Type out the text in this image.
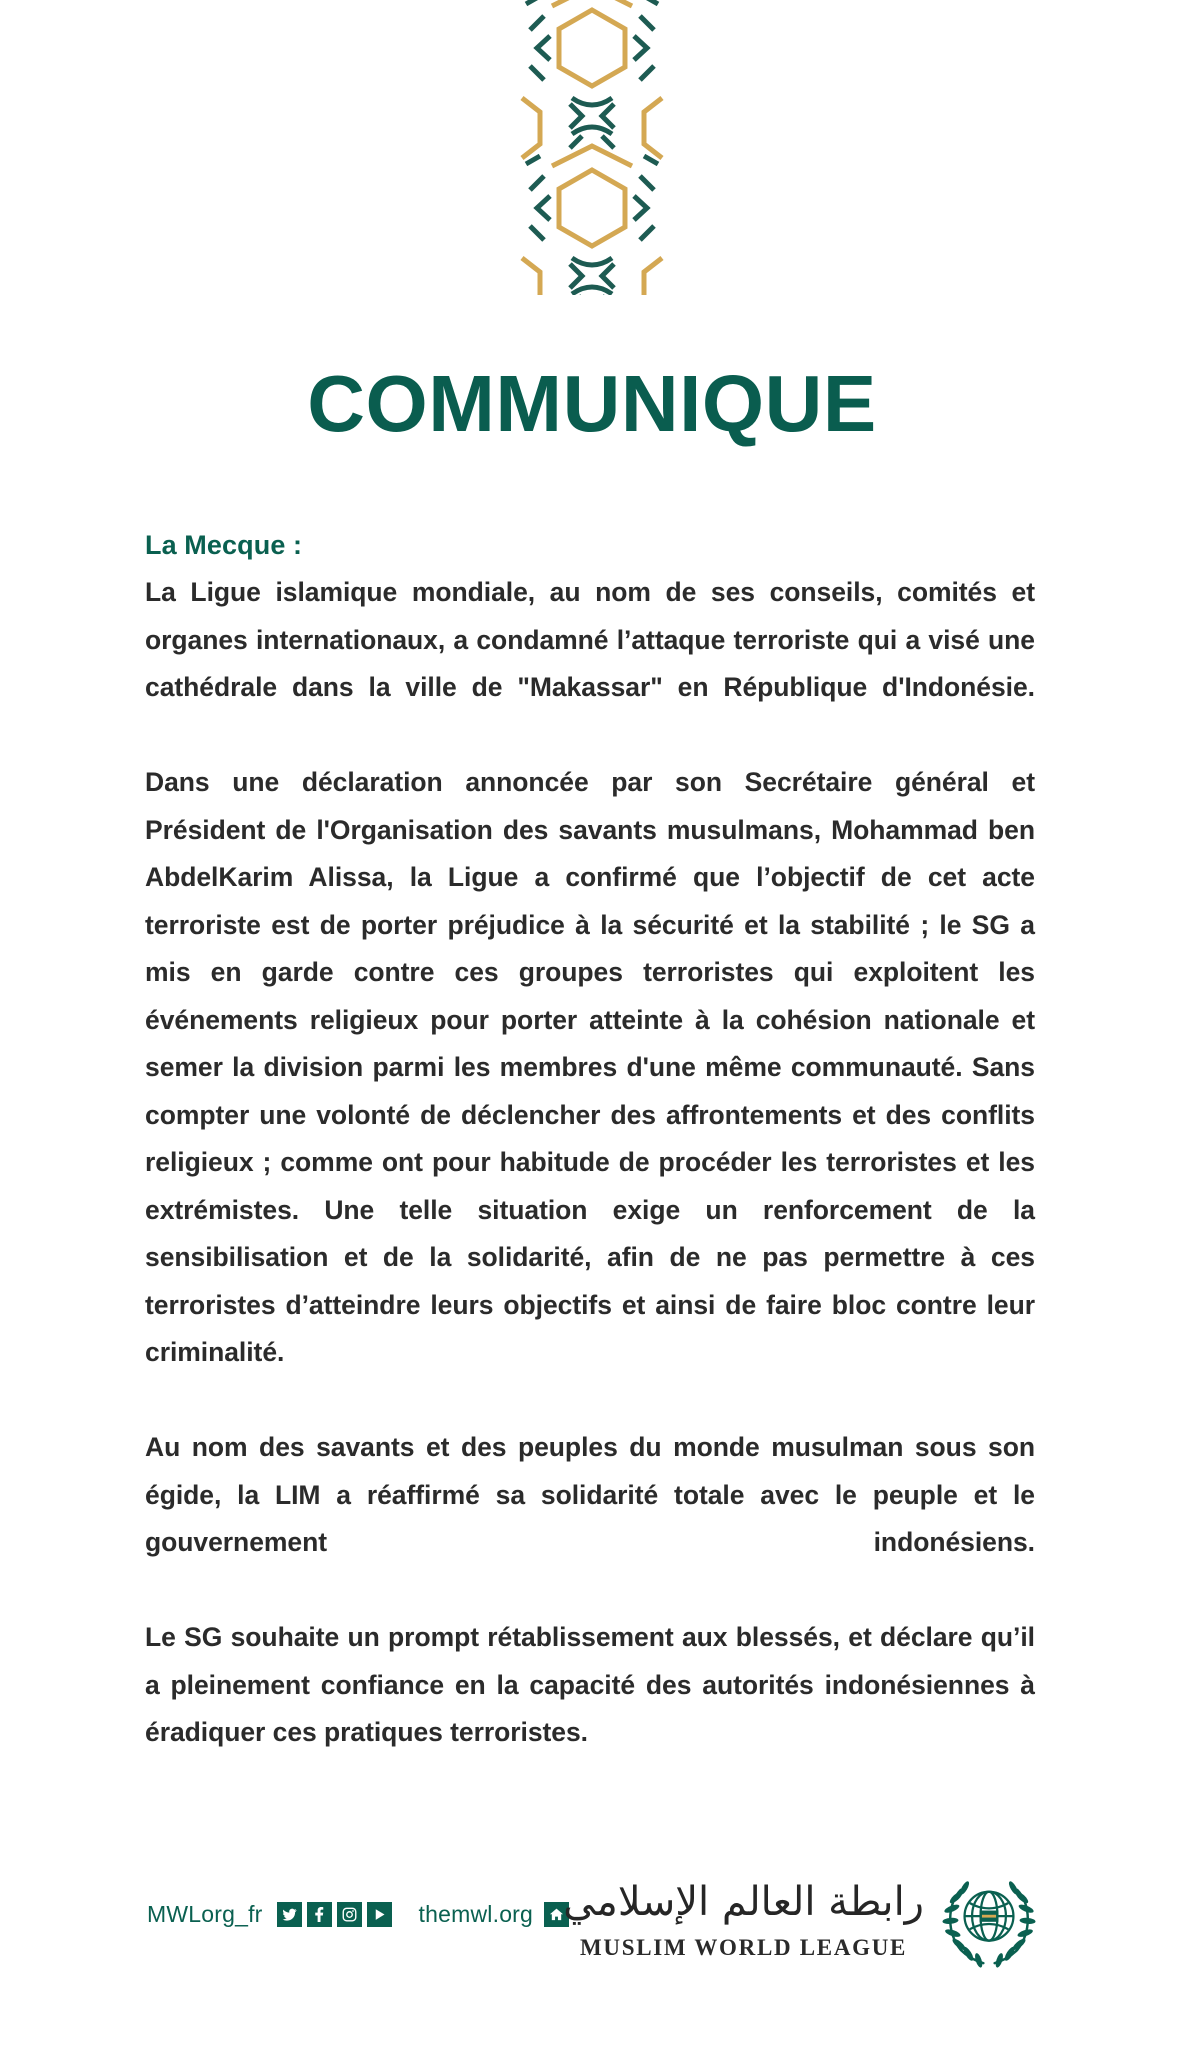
COMMUNIQUE

La Mecque :

La Ligue islamique mondiale, au nom de ses conseils, comités et organes internationaux, a condamné l’attaque terroriste qui a visé une cathédrale dans la ville de "Makassar" en République d'Indonésie.

Dans une déclaration annoncée par son Secrétaire général et Président de l'Organisation des savants musulmans, Mohammad ben AbdelKarim Alissa, la Ligue a confirmé que l’objectif de cet acte terroriste est de porter préjudice à la sécurité et la stabilité ; le SG a mis en garde contre ces groupes terroristes qui exploitent les événements religieux pour porter atteinte à la cohésion nationale et semer la division parmi les membres d'une même communauté. Sans compter une volonté de déclencher des affrontements et des conflits religieux ; comme ont pour habitude de procéder les terroristes et les extrémistes. Une telle situation exige un renforcement de la sensibilisation et de la solidarité, afin de ne pas permettre à ces terroristes d’atteindre leurs objectifs et ainsi de faire bloc contre leur criminalité.

Au nom des savants et des peuples du monde musulman sous son égide, la LIM a réaffirmé sa solidarité totale avec le peuple et le gouvernement indonésiens.

Le SG souhaite un prompt rétablissement aux blessés, et déclare qu’il a pleinement confiance en la capacité des autorités indonésiennes à éradiquer ces pratiques terroristes.

MWLorg_fr	themwl.org رابطة العالم الإسلامي
MUSLIM WORLD LEAGUE
